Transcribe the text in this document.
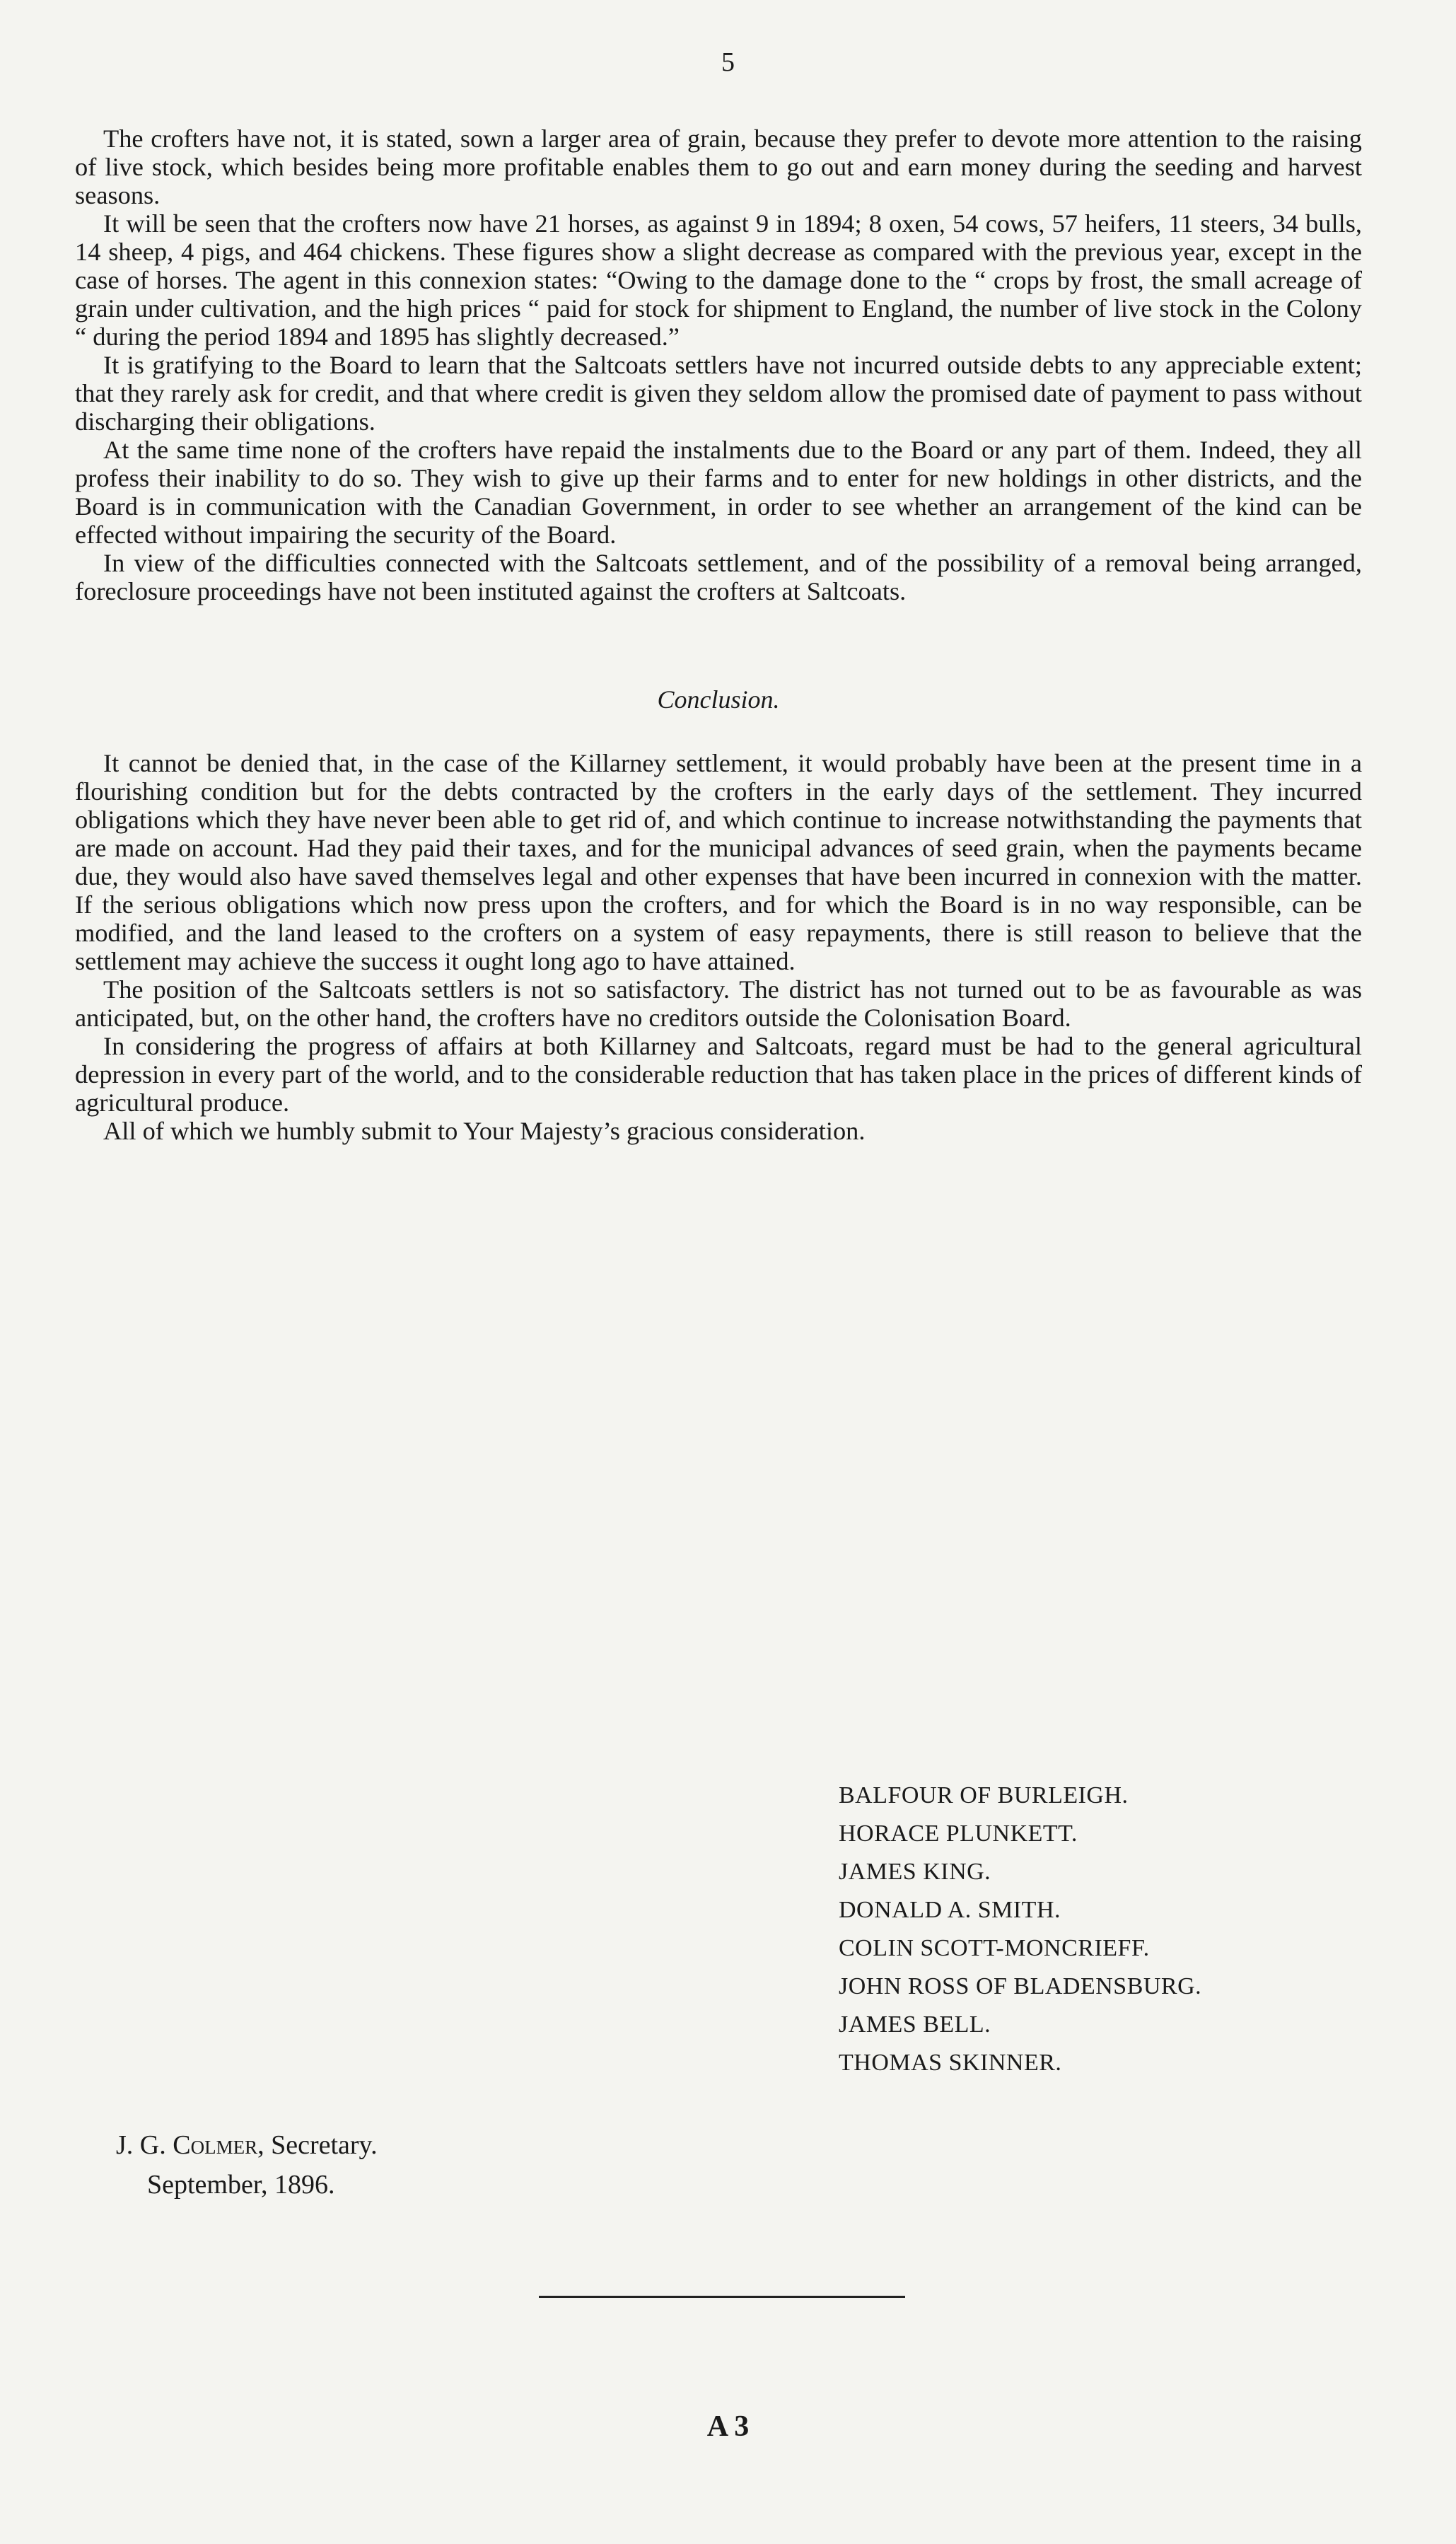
5

The crofters have not, it is stated, sown a larger area of grain, because they prefer to devote more attention to the raising of live stock, which besides being more profitable enables them to go out and earn money during the seeding and harvest seasons.

It will be seen that the crofters now have 21 horses, as against 9 in 1894; 8 oxen, 54 cows, 57 heifers, 11 steers, 34 bulls, 14 sheep, 4 pigs, and 464 chickens. These figures show a slight decrease as compared with the previous year, except in the case of horses. The agent in this connexion states: “Owing to the damage done to the “ crops by frost, the small acreage of grain under cultivation, and the high prices “ paid for stock for shipment to England, the number of live stock in the Colony “ during the period 1894 and 1895 has slightly decreased.”

It is gratifying to the Board to learn that the Saltcoats settlers have not incurred outside debts to any appreciable extent; that they rarely ask for credit, and that where credit is given they seldom allow the promised date of payment to pass without discharging their obligations.

At the same time none of the crofters have repaid the instalments due to the Board or any part of them. Indeed, they all profess their inability to do so. They wish to give up their farms and to enter for new holdings in other districts, and the Board is in communication with the Canadian Government, in order to see whether an arrangement of the kind can be effected without impairing the security of the Board.

In view of the difficulties connected with the Saltcoats settlement, and of the possibility of a removal being arranged, foreclosure proceedings have not been instituted against the crofters at Saltcoats.

Conclusion.

It cannot be denied that, in the case of the Killarney settlement, it would probably have been at the present time in a flourishing condition but for the debts contracted by the crofters in the early days of the settlement. They incurred obligations which they have never been able to get rid of, and which continue to increase notwithstanding the payments that are made on account. Had they paid their taxes, and for the municipal advances of seed grain, when the payments became due, they would also have saved themselves legal and other expenses that have been incurred in connexion with the matter. If the serious obligations which now press upon the crofters, and for which the Board is in no way responsible, can be modified, and the land leased to the crofters on a system of easy repayments, there is still reason to believe that the settlement may achieve the success it ought long ago to have attained.

The position of the Saltcoats settlers is not so satisfactory. The district has not turned out to be as favourable as was anticipated, but, on the other hand, the crofters have no creditors outside the Colonisation Board.

In considering the progress of affairs at both Killarney and Saltcoats, regard must be had to the general agricultural depression in every part of the world, and to the considerable reduction that has taken place in the prices of different kinds of agricultural produce.

All of which we humbly submit to Your Majesty’s gracious consideration.

BALFOUR OF BURLEIGH.
HORACE PLUNKETT.
JAMES KING.
DONALD A. SMITH.
COLIN SCOTT-MONCRIEFF.
JOHN ROSS OF BLADENSBURG.
JAMES BELL.
THOMAS SKINNER.
J. G. Colmer, Secretary.
September, 1896.
A 3
